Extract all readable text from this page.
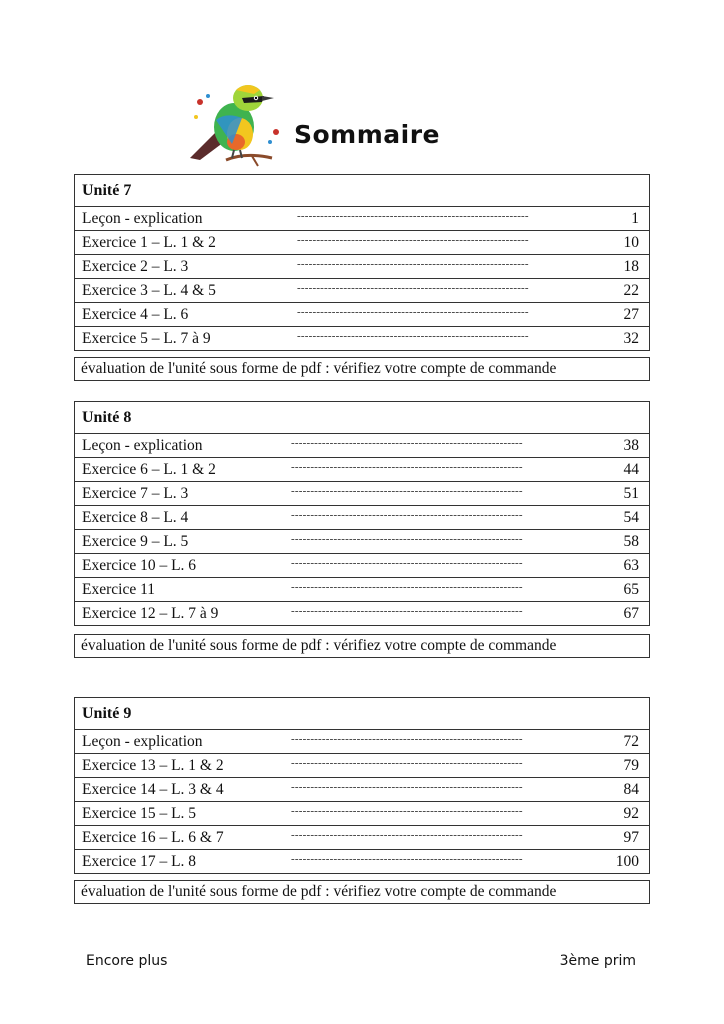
Sommaire
Unité 7
Leçon - explication	------------------------------------------------------------	1
Exercice 1 – L. 1 & 2	------------------------------------------------------------	10
Exercice 2 – L. 3	------------------------------------------------------------	18
Exercice 3 – L. 4 & 5	------------------------------------------------------------	22
Exercice 4 – L. 6	------------------------------------------------------------	27
Exercice 5 – L. 7 à 9	------------------------------------------------------------	32
évaluation de l'unité sous forme de pdf : vérifiez votre compte de commande
Unité 8
Leçon - explication	------------------------------------------------------------	38
Exercice 6 – L. 1 & 2	------------------------------------------------------------	44
Exercice 7 – L. 3	------------------------------------------------------------	51
Exercice 8 – L. 4	------------------------------------------------------------	54
Exercice 9 – L. 5	------------------------------------------------------------	58
Exercice 10 – L. 6	------------------------------------------------------------	63
Exercice 11	------------------------------------------------------------	65
Exercice 12 – L. 7 à 9	------------------------------------------------------------	67
évaluation de l'unité sous forme de pdf : vérifiez votre compte de commande
Unité 9
Leçon - explication	------------------------------------------------------------	72
Exercice 13 – L. 1 & 2	------------------------------------------------------------	79
Exercice 14 – L. 3 & 4	------------------------------------------------------------	84
Exercice 15 – L. 5	------------------------------------------------------------	92
Exercice 16 – L. 6 & 7	------------------------------------------------------------	97
Exercice 17 – L. 8	------------------------------------------------------------	100
évaluation de l'unité sous forme de pdf : vérifiez votre compte de commande
Encore plus	3ème prim
